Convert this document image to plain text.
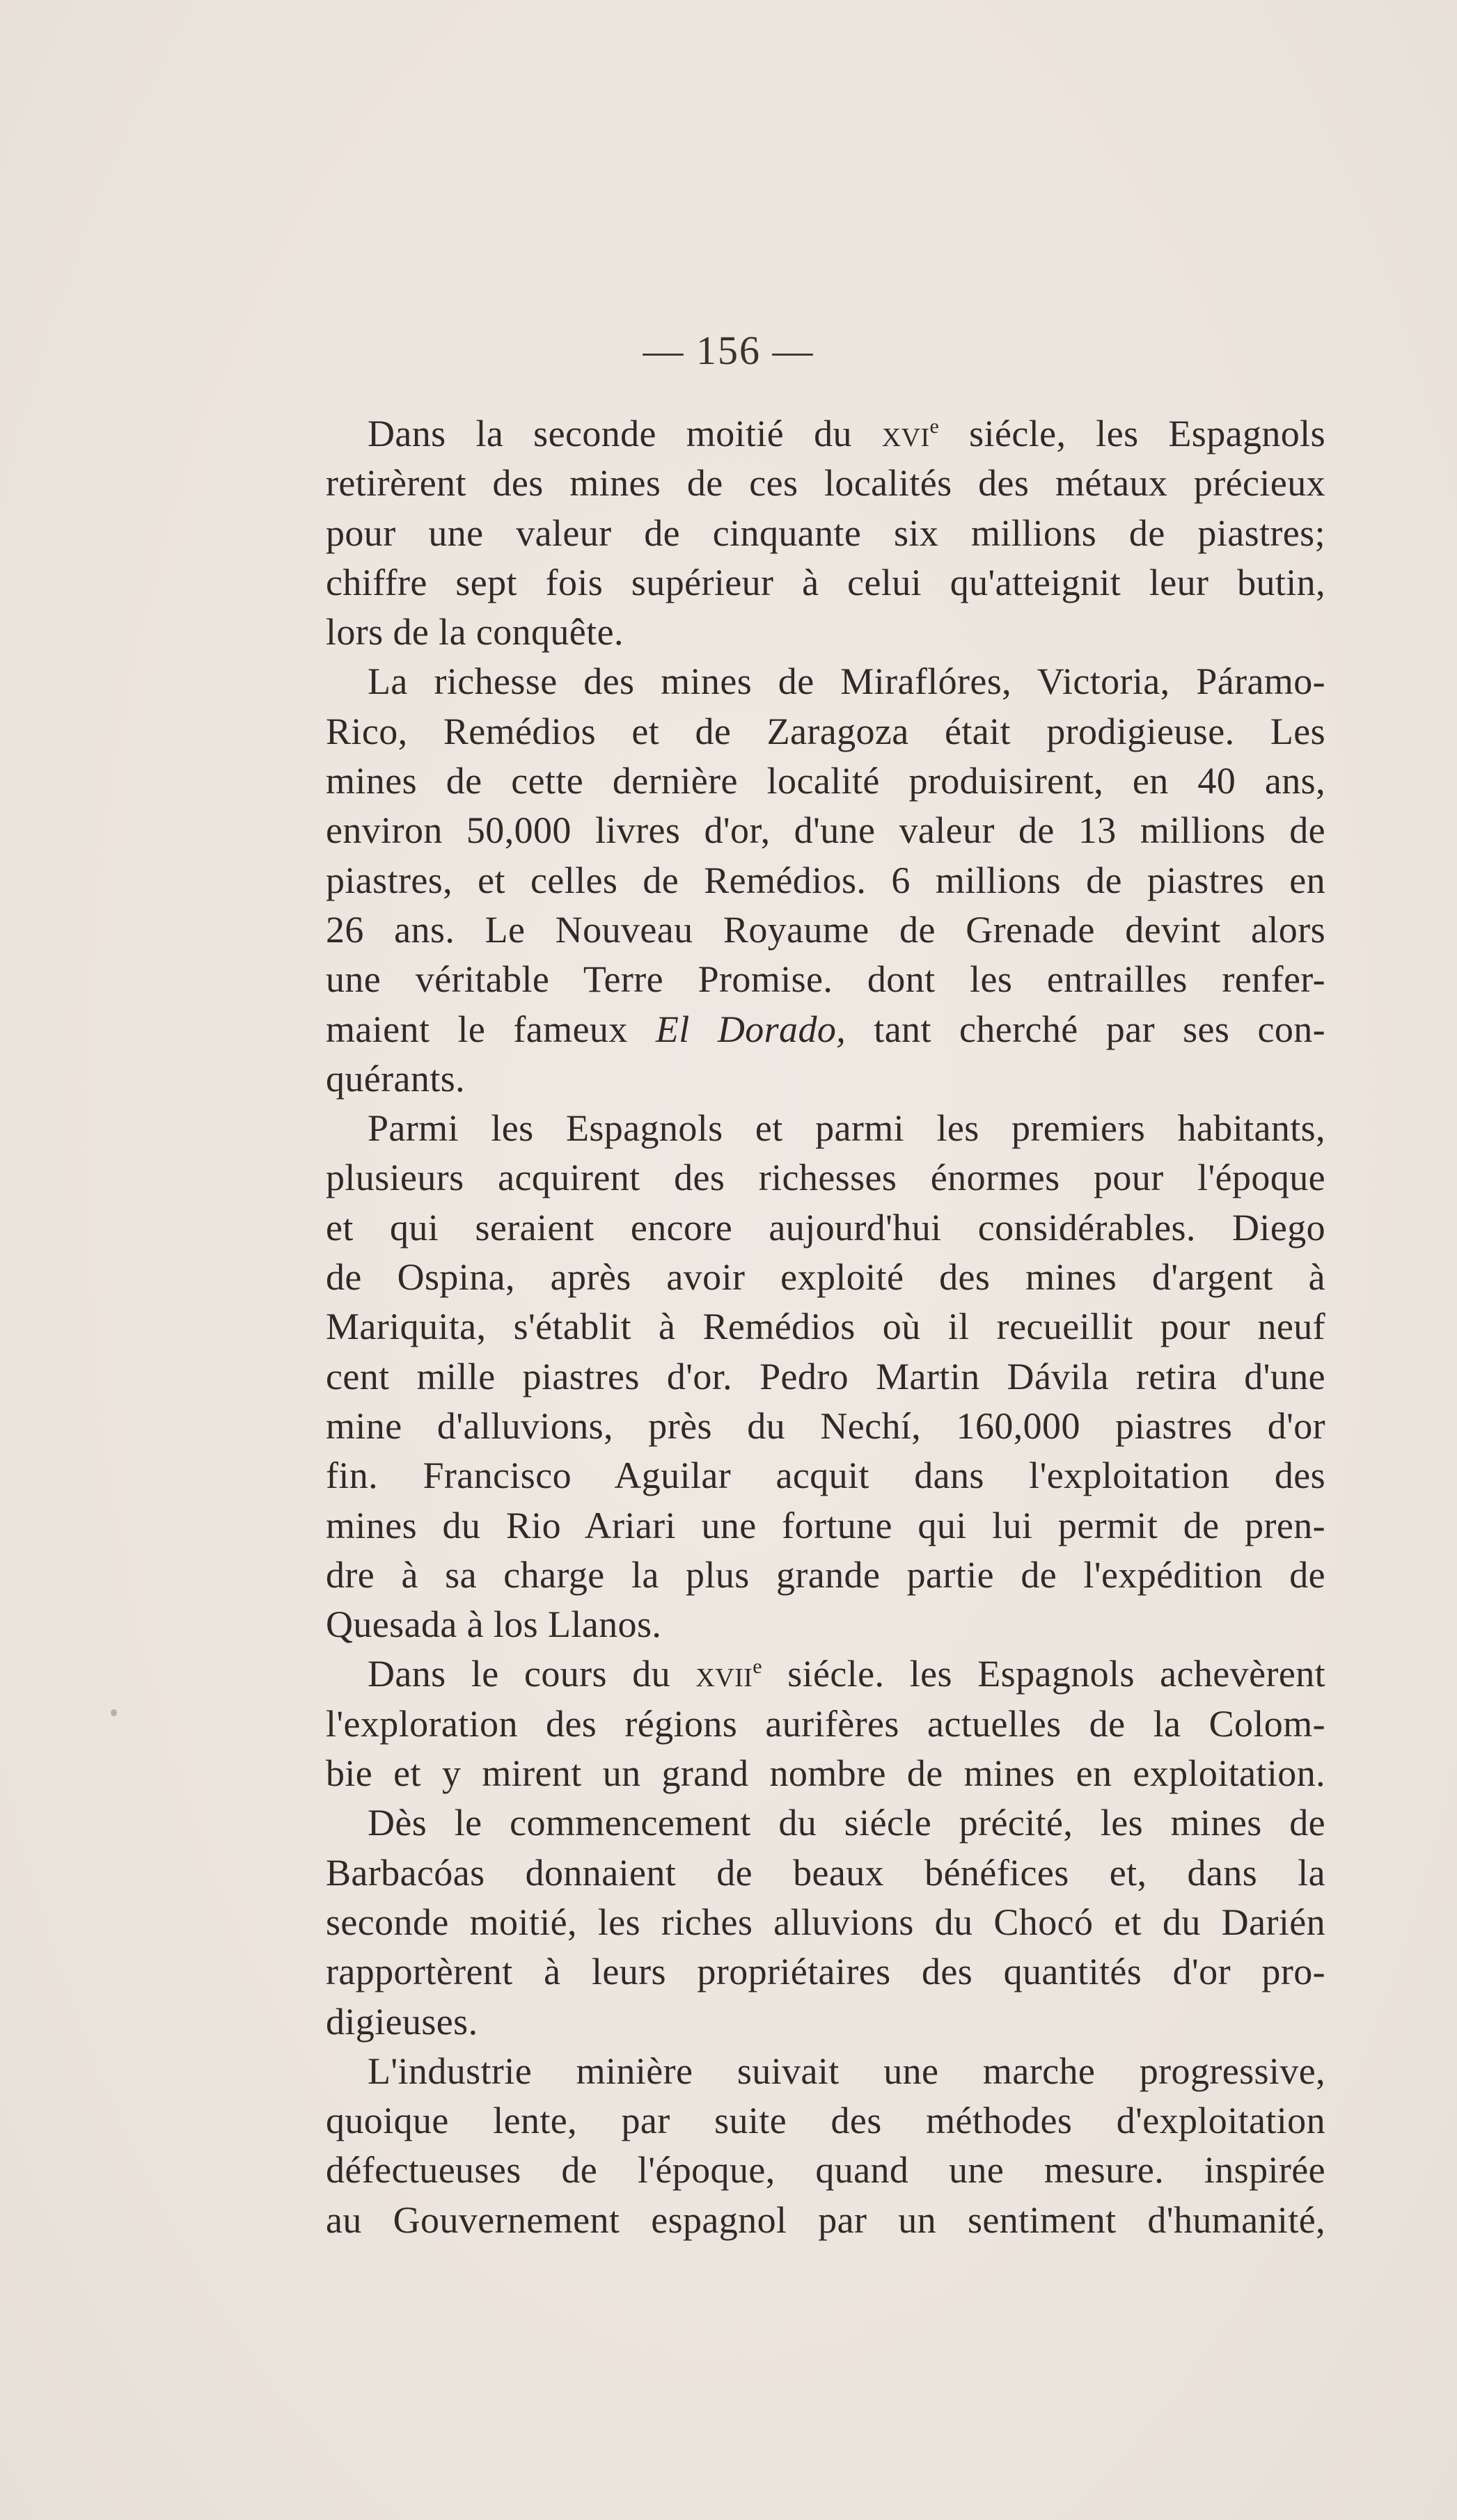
— 156 —
Dans la seconde moitié du xvi$^e$ siécle, les Espagnols
retirèrent des mines de ces localités des métaux précieux
pour une valeur de cinquante six millions de piastres;
chiffre sept fois supérieur à celui qu'atteignit leur butin,
lors de la conquête.
La richesse des mines de Miraflóres, Victoria, Páramo-
Rico, Remédios et de Zaragoza était prodigieuse. Les
mines de cette dernière localité produisirent, en 40 ans,
environ 50,000 livres d'or, d'une valeur de 13 millions de
piastres, et celles de Remédios. 6 millions de piastres en
26 ans. Le Nouveau Royaume de Grenade devint alors
une véritable Terre Promise. dont les entrailles renfer-
maient le fameux El Dorado, tant cherché par ses con-
quérants.
Parmi les Espagnols et parmi les premiers habitants,
plusieurs acquirent des richesses énormes pour l'époque
et qui seraient encore aujourd'hui considérables. Diego
de Ospina, après avoir exploité des mines d'argent à
Mariquita, s'établit à Remédios où il recueillit pour neuf
cent mille piastres d'or. Pedro Martin Dávila retira d'une
mine d'alluvions, près du Nechí, 160,000 piastres d'or
fin. Francisco Aguilar acquit dans l'exploitation des
mines du Rio Ariari une fortune qui lui permit de pren-
dre à sa charge la plus grande partie de l'expédition de
Quesada à los Llanos.
Dans le cours du xvii$^e$ siécle. les Espagnols achevèrent
l'exploration des régions aurifères actuelles de la Colom-
bie et y mirent un grand nombre de mines en exploitation.
Dès le commencement du siécle précité, les mines de
Barbacóas donnaient de beaux bénéfices et, dans la
seconde moitié, les riches alluvions du Chocó et du Darién
rapportèrent à leurs propriétaires des quantités d'or pro-
digieuses.
L'industrie minière suivait une marche progressive,
quoique lente, par suite des méthodes d'exploitation
défectueuses de l'époque, quand une mesure. inspirée
au Gouvernement espagnol par un sentiment d'humanité,
